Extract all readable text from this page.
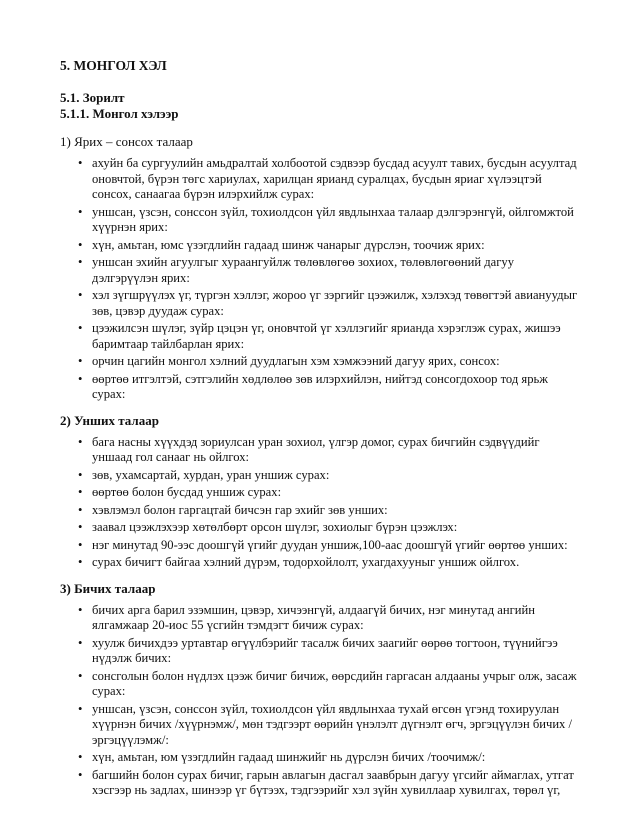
5. МОНГОЛ ХЭЛ
5.1. Зорилт
5.1.1. Монгол хэлээр
1) Ярих – сонсох талаар
• ахуйн ба сургуулийн амьдралтай холбоотой сэдвээр бусдад асуулт тавих, бусдын асуултад оновчтой, бүрэн төгс хариулах, харилцан ярианд суралцах, бусдын яриаг хүлээцтэй сонсох, санаагаа бүрэн илэрхийлж сурах:
• уншсан, үзсэн, сонссон зүйл, тохиолдсон үйл явдлынхаа талаар дэлгэрэнгүй, ойлгомжтой хүүрнэн ярих:
• хүн, амьтан, юмс үзэгдлийн гадаад шинж чанарыг дүрслэн, тоочиж ярих:
• уншсан эхийн агуулгыг хураангуйлж төлөвлөгөө зохиох, төлөвлөгөөний дагуу дэлгэрүүлэн ярих:
• хэл зүгшрүүлэх үг, түргэн хэллэг, жороо үг зэргийг цээжилж, хэлэхэд төвөгтэй авиануудыг зөв, цэвэр дуудаж сурах:
• цээжилсэн шүлэг, зүйр цэцэн үг, оновчтой үг хэллэгийг ярианда хэрэглэж сурах, жишээ баримтаар тайлбарлан ярих:
• орчин цагийн монгол хэлний дуудлагын хэм хэмжээний дагуу ярих, сонсох:
• өөртөө итгэлтэй, сэтгэлийн хөдлөлөө зөв илэрхийлэн, нийтэд сонсогдохоор тод ярьж сурах:
2) Унших талаар
• бага насны хүүхдэд зориулсан уран зохиол, үлгэр домог, сурах бичгийн сэдвүүдийг уншаад гол санааг нь ойлгох:
• зөв, ухамсартай, хурдан, уран уншиж сурах:
• өөртөө болон бусдад уншиж сурах:
• хэвлэмэл болон гаргацтай бичсэн гар эхийг зөв унших:
• заавал цээжлэхээр хөтөлбөрт орсон шүлэг, зохиолыг бүрэн цээжлэх:
• нэг минутад 90-ээс доошгүй үгийг дуудан уншиж,100-аас доошгүй үгийг өөртөө унших:
• сурах бичигт байгаа хэлний дүрэм, тодорхойлолт, ухагдахууныг уншиж ойлгох.
3) Бичих талаар
• бичих арга барил эзэмшин, цэвэр, хичээнгүй, алдаагүй бичих, нэг минутад ангийн ялгамжаар 20-иос 55 үсгийн тэмдэгт бичиж сурах:
• хуулж бичихдээ уртавтар өгүүлбэрийг тасалж бичих заагийг өөрөө тогтоон, түүнийгээ нүдэлж бичих:
• сонсголын болон нүдлэх цээж бичиг бичиж, өөрсдийн гаргасан алдааны учрыг олж, засаж сурах:
• уншсан, үзсэн, сонссон зүйл, тохиолдсон үйл явдлынхаа тухай өгсөн үгэнд тохируулан хүүрнэн бичих /хүүрнэмж/, мөн тэдгээрт өөрийн үнэлэлт дүгнэлт өгч, эргэцүүлэн бичих /эргэцүүлэмж/:
• хүн, амьтан, юм үзэгдлийн гадаад шинжийг нь дүрслэн бичих /тоочимж/:
• багшийн болон сурах бичиг, гарын авлагын дасгал заавбрын дагуу үгсийг аймаглах, утгат хэсгээр нь задлах, шинээр үг бүтээх, тэдгээрийг хэл зүйн хувиллаар хувилгах, төрөл үг,
